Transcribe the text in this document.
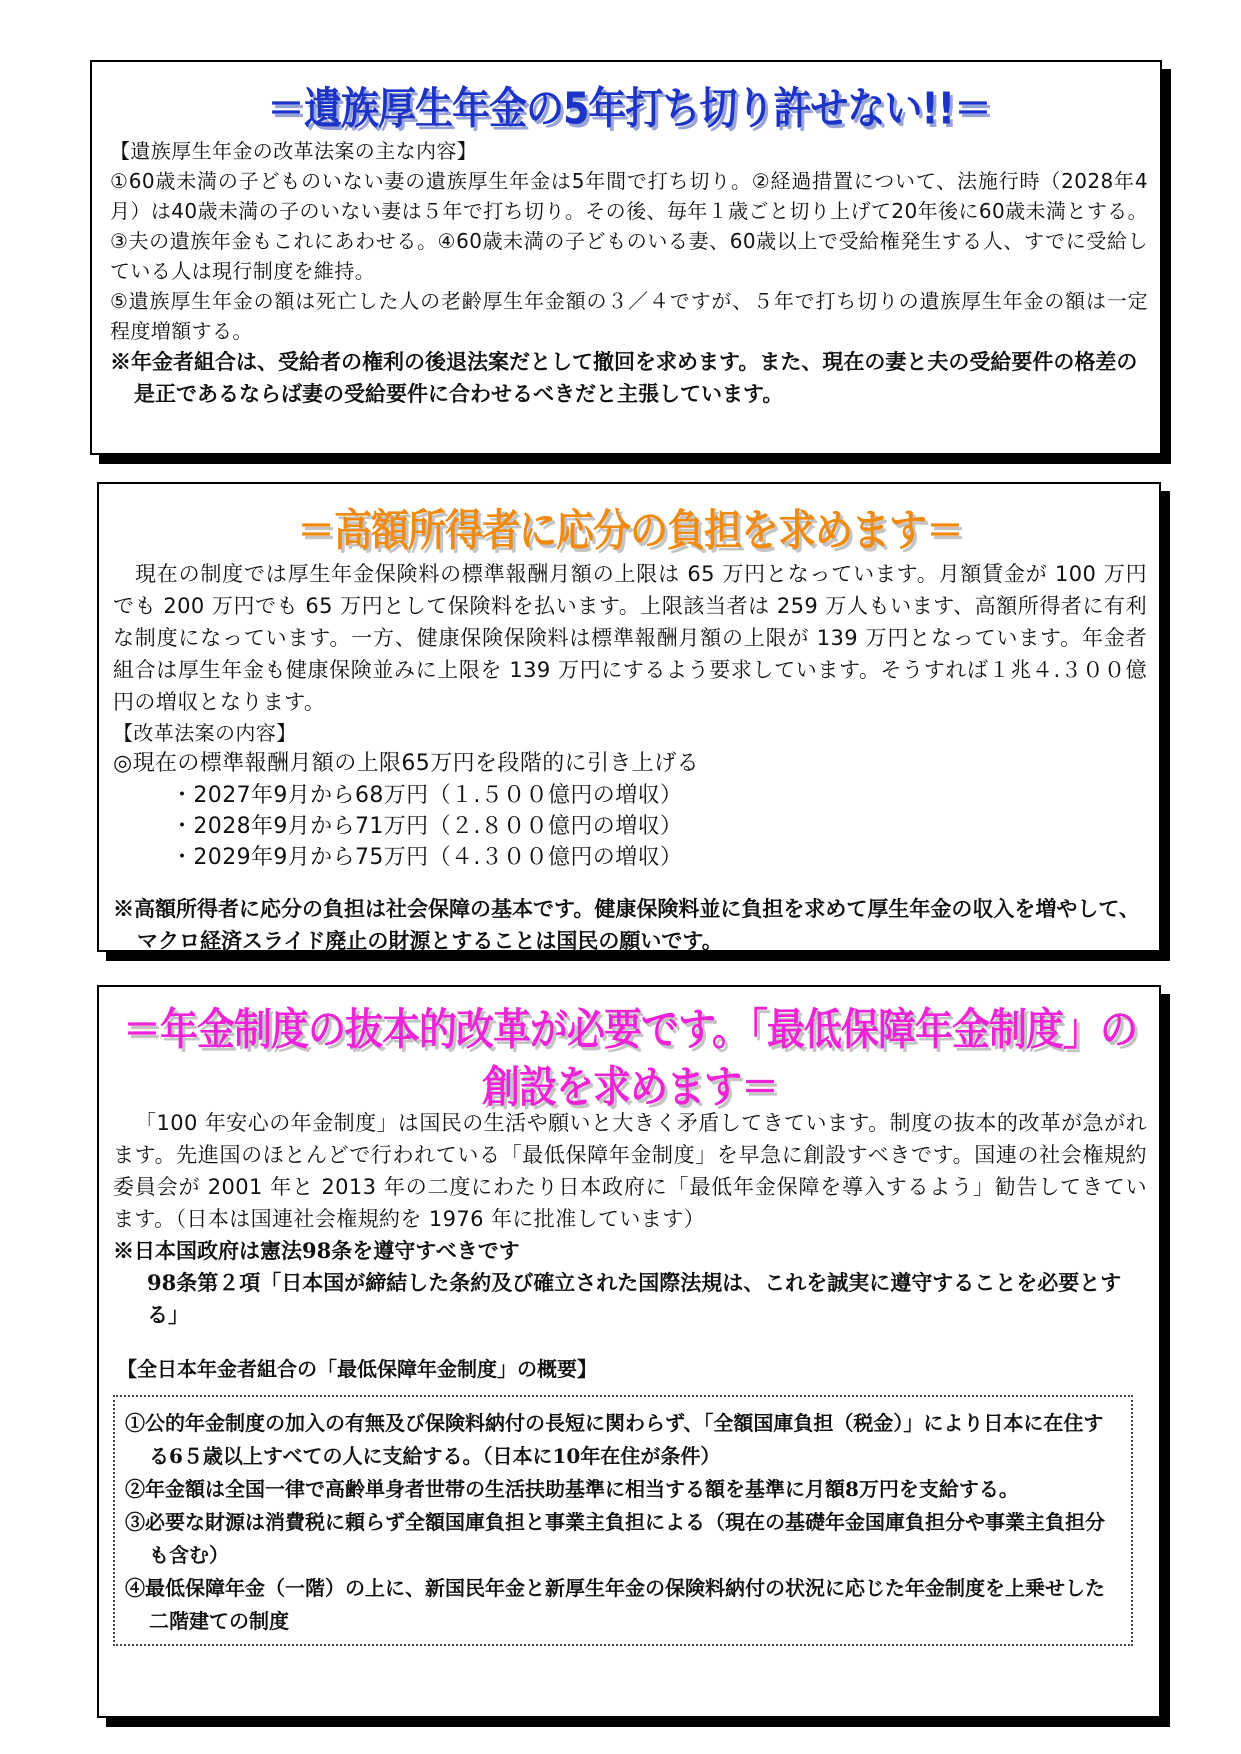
＝遺族厚生年金の5年打ち切り許せない!!＝

【遺族厚生年金の改革法案の主な内容】

①60歳未満の子どものいない妻の遺族厚生年金は5年間で打ち切り。②経過措置について、法施行時（2028年4月）は40歳未満の子のいない妻は５年で打ち切り。その後、毎年１歳ごと切り上げて20年後に60歳未満とする。③夫の遺族年金もこれにあわせる。④60歳未満の子どものいる妻、60歳以上で受給権発生する人、すでに受給している人は現行制度を維持。

⑤遺族厚生年金の額は死亡した人の老齢厚生年金額の３／４ですが、５年で打ち切りの遺族厚生年金の額は一定程度増額する。

※年金者組合は、受給者の権利の後退法案だとして撤回を求めます。また、現在の妻と夫の受給要件の格差の是正であるならば妻の受給要件に合わせるべきだと主張しています。

＝高額所得者に応分の負担を求めます＝

現在の制度では厚生年金保険料の標準報酬月額の上限は 65 万円となっています。月額賃金が 100 万円でも 200 万円でも 65 万円として保険料を払います。上限該当者は 259 万人もいます、高額所得者に有利な制度になっています。一方、健康保険保険料は標準報酬月額の上限が 139 万円となっています。年金者組合は厚生年金も健康保険並みに上限を 139 万円にするよう要求しています。そうすれば１兆４.３００億円の増収となります。

【改革法案の内容】

◎現在の標準報酬月額の上限65万円を段階的に引き上げる

・2027年9月から68万円（１.５００億円の増収）

・2028年9月から71万円（２.８００億円の増収）

・2029年9月から75万円（４.３００億円の増収）

※高額所得者に応分の負担は社会保障の基本です。健康保険料並に負担を求めて厚生年金の収入を増やして、マクロ経済スライド廃止の財源とすることは国民の願いです。

＝年金制度の抜本的改革が必要です。「最低保障年金制度」の創設を求めます＝

「100 年安心の年金制度」は国民の生活や願いと大きく矛盾してきています。制度の抜本的改革が急がれます。先進国のほとんどで行われている「最低保障年金制度」を早急に創設すべきです。国連の社会権規約委員会が 2001 年と 2013 年の二度にわたり日本政府に「最低年金保障を導入するよう」勧告してきています。（日本は国連社会権規約を 1976 年に批准しています）

※日本国政府は憲法98条を遵守すべきです

98条第２項「日本国が締結した条約及び確立された国際法規は、これを誠実に遵守することを必要とする」

【全日本年金者組合の「最低保障年金制度」の概要】

①公的年金制度の加入の有無及び保険料納付の長短に関わらず、「全額国庫負担（税金）」により日本に在住する6５歳以上すべての人に支給する。（日本に10年在住が条件）

②年金額は全国一律で高齢単身者世帯の生活扶助基準に相当する額を基準に月額8万円を支給する。

③必要な財源は消費税に頼らず全額国庫負担と事業主負担による（現在の基礎年金国庫負担分や事業主負担分も含む）

④最低保障年金（一階）の上に、新国民年金と新厚生年金の保険料納付の状況に応じた年金制度を上乗せした二階建ての制度
